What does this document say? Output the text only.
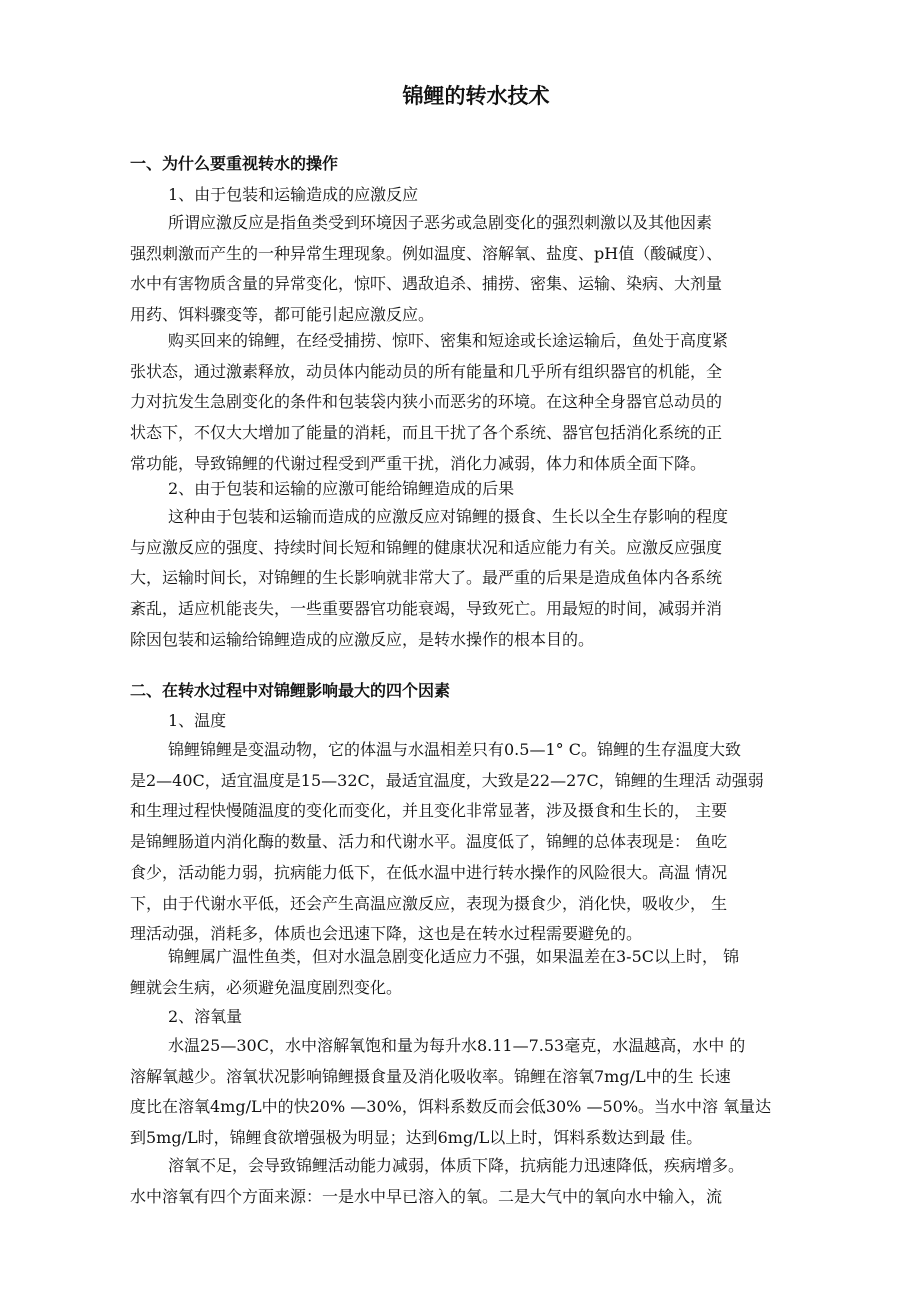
锦鲤的转水技术
一、为什么要重视转水的操作
1、由于包装和运输造成的应激反应
所谓应激反应是指鱼类受到环境因子恶劣或急剧变化的强烈刺激以及其他因素
强烈刺激而产生的一种异常生理现象。例如温度、溶解氧、盐度、pH值（酸碱度）、
水中有害物质含量的异常变化，惊吓、遇敌追杀、捕捞、密集、运输、染病、大剂量
用药、饵料骤变等，都可能引起应激反应。
购买回来的锦鲤，在经受捕捞、惊吓、密集和短途或长途运输后，鱼处于高度紧
张状态，通过激素释放，动员体内能动员的所有能量和几乎所有组织器官的机能，全
力对抗发生急剧变化的条件和包装袋内狭小而恶劣的环境。在这种全身器官总动员的
状态下，不仅大大增加了能量的消耗，而且干扰了各个系统、器官包括消化系统的正
常功能，导致锦鲤的代谢过程受到严重干扰，消化力减弱，体力和体质全面下降。
2、由于包装和运输的应激可能给锦鲤造成的后果
这种由于包装和运输而造成的应激反应对锦鲤的摄食、生长以全生存影响的程度
与应激反应的强度、持续时间长短和锦鲤的健康状况和适应能力有关。应激反应强度
大，运输时间长，对锦鲤的生长影响就非常大了。最严重的后果是造成鱼体内各系统
紊乱，适应机能丧失，一些重要器官功能衰竭，导致死亡。用最短的时间，减弱并消
除因包装和运输给锦鲤造成的应激反应，是转水操作的根本目的。
二、在转水过程中对锦鲤影响最大的四个因素
1、温度
锦鲤锦鲤是变温动物，它的体温与水温相差只有0.5—1° C。锦鲤的生存温度大致
是2—40C，适宜温度是15—32C，最适宜温度，大致是22—27C，锦鲤的生理活 动强弱
和生理过程快慢随温度的变化而变化，并且变化非常显著，涉及摄食和生长的， 主要
是锦鲤肠道内消化酶的数量、活力和代谢水平。温度低了，锦鲤的总体表现是： 鱼吃
食少，活动能力弱，抗病能力低下，在低水温中进行转水操作的风险很大。高温 情况
下，由于代谢水平低，还会产生高温应激反应，表现为摄食少，消化快，吸收少， 生
理活动强，消耗多，体质也会迅速下降，这也是在转水过程需要避免的。
锦鲤属广温性鱼类，但对水温急剧变化适应力不强，如果温差在3-5C以上时， 锦
鲤就会生病，必须避免温度剧烈变化。
2、溶氧量
水温25—30C，水中溶解氧饱和量为每升水8.11—7.53毫克，水温越高，水中 的
溶解氧越少。溶氧状况影响锦鲤摄食量及消化吸收率。锦鲤在溶氧7mg/L中的生 长速
度比在溶氧4mg/L中的快20% —30%，饵料系数反而会低30% —50%。当水中溶 氧量达
到5mg/L时，锦鲤食欲增强极为明显；达到6mg/L以上时，饵料系数达到最 佳。
溶氧不足，会导致锦鲤活动能力减弱，体质下降，抗病能力迅速降低，疾病增多。
水中溶氧有四个方面来源：一是水中早已溶入的氧。二是大气中的氧向水中输入，流
